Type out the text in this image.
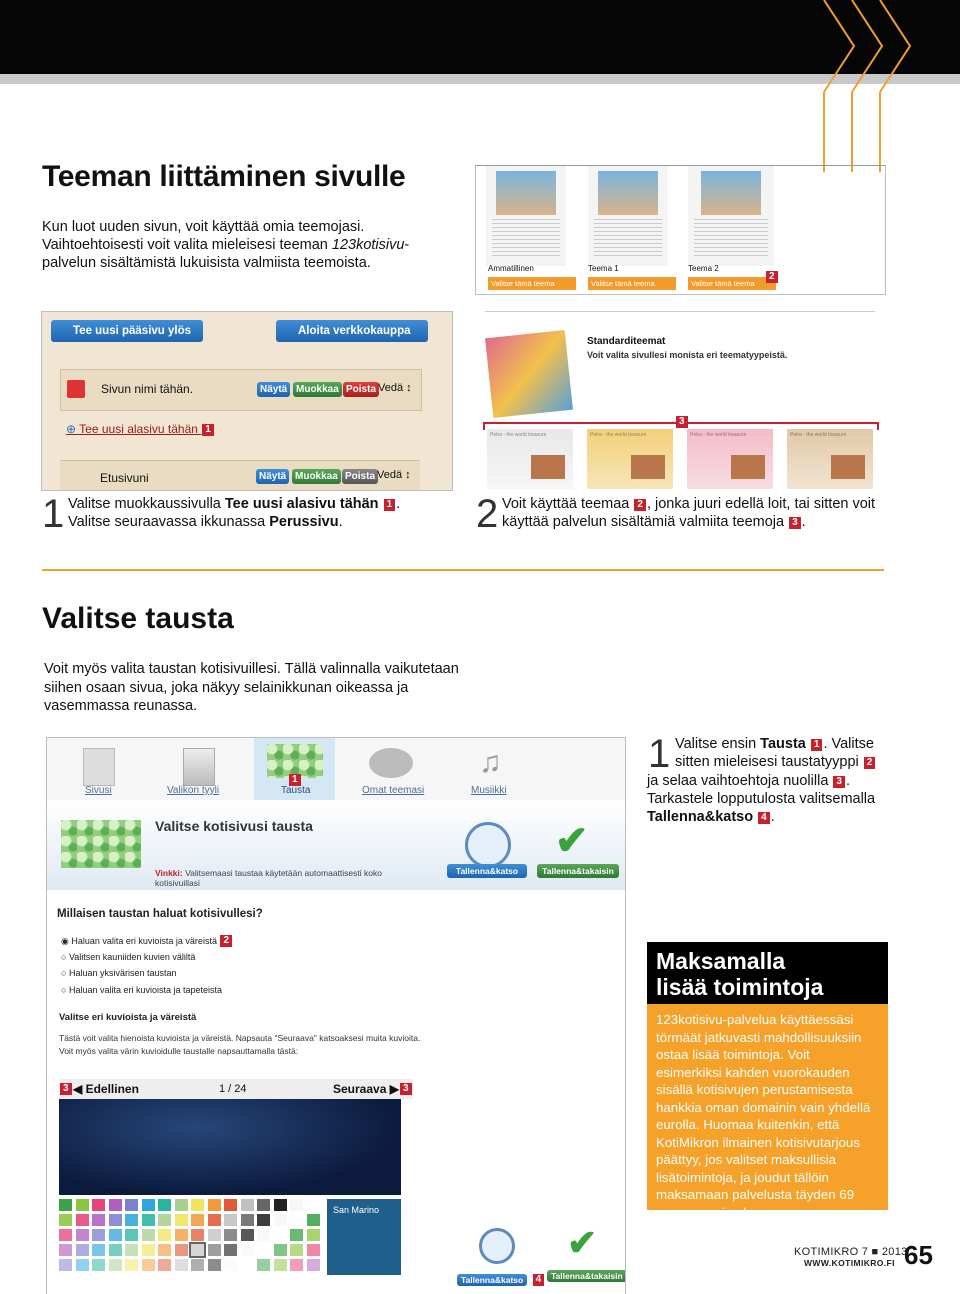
Teeman liittäminen sivulle
Kun luot uuden sivun, voit käyttää omia teemojasi. Vaihtoehtoisesti voit valita mieleisesi teeman 123kotisivu-palvelun sisältämistä lukuisista valmiista teemoista.	Ammatillinen	Teema 1	Teema 2
Valitse tämä teema	Valitse tämä teema	Valitse tämä teema
2
Tee uusi pääsivu ylös	Aloita verkkokauppa
Sivun nimi tähän.	Näytä Muokkaa Poista Vedä ↕
⊕ Tee uusi alasivu tähän 1
Etusivuni	Näytä Muokkaa Poista Vedä ↕
Standarditeemat
Voit valita sivullesi monista eri teematyypeistä.
3
Petra - the world treasure	Petra - the world treasure	Petra - the world treasure	Petra - the world treasure
1 Valitse muokkaussivulla Tee uusi alasivu tähän 1 . Valitse seuraavassa ikkunassa Perussivu.	2 Voit käyttää teemaa 2 , jonka juuri edellä loit, tai sitten voit käyttää palvelun sisältämiä valmiita teemoja 3 .
Valitse tausta
Voit myös valita taustan kotisivuillesi. Tällä valinnalla vaikutetaan siihen osaan sivua, joka näkyy selainikkunan oikeassa ja vasemmassa reunassa.
♫
1
Sivusi	Valikon tyyli	Tausta	Omat teemasi	Musiikki
Valitse kotisivusi tausta
Vinkki: Valitsemaasi taustaa käytetään automaattisesti koko kotisivuillasi
✔
Tallenna&katso	Tallenna&takaisin
Millaisen taustan haluat kotisivullesi?
◉ Haluan valita eri kuvioista ja väreistä 2
○ Valitsen kauniiden kuvien väliltä
○ Haluan yksivärisen taustan
○ Haluan valita eri kuvioista ja tapeteista
Valitse eri kuvioista ja väreistä
Tästä voit valita hienoista kuvioista ja väreistä. Napsauta "Seuraava" katsoaksesi muita kuvioita.
Voit myös valita värin kuvioidulle taustalle napsauttamalla tästä:
3 ◀ Edellinen	1 / 24	Seuraava ▶ 3
San Marino
✔
Tallenna&katso 4	Tallenna&takaisin
1 Valitse ensin Tausta 1 . Valitse sitten mieleisesi taustatyyppi 2
ja selaa vaihtoehtoja nuolilla 3 . Tarkastele lopputulosta valitsemalla Tallenna&katso 4 .
Maksamalla
lisää toimintoja
123kotisivu-palvelua käyttäessäsi törmäät jatkuvasti mahdollisuuksiin ostaa lisää toimintoja. Voit esimerkiksi kahden vuorokauden sisällä kotisivujen perustamisesta hankkia oman domainin vain yhdellä eurolla. Huomaa kuitenkin, että KotiMikron ilmainen kotisivutarjous päättyy, jos valitset maksullisia lisätoimintoja, ja joudut tällöin maksamaan palvelusta täyden 69 euron vuosimaksun.
KOTIMIKRO 7 ■ 2013
WWW.KOTIMIKRO.FI 65
